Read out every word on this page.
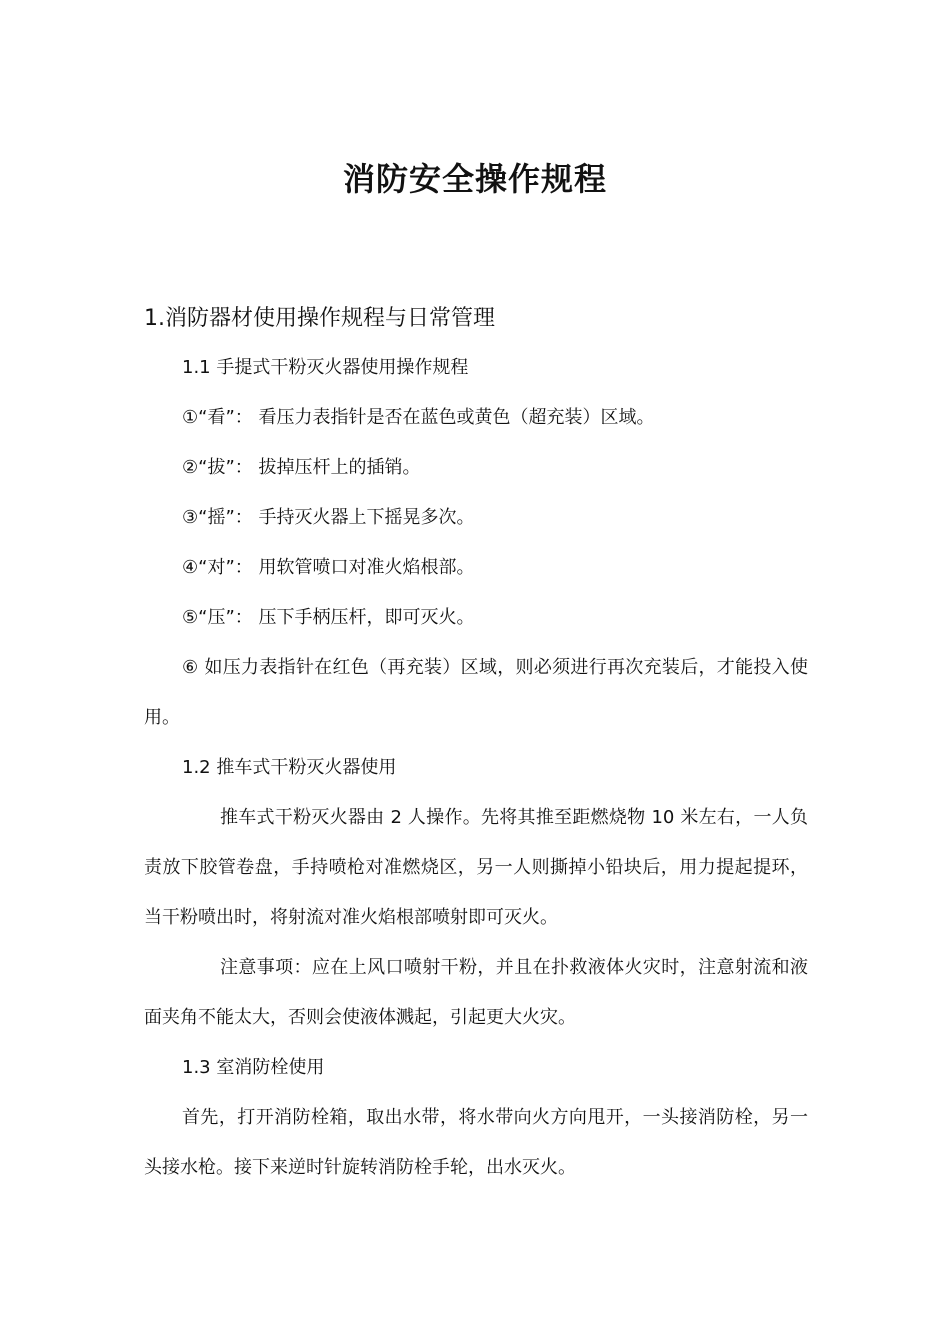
消防安全操作规程
1.消防器材使用操作规程与日常管理

1.1 手提式干粉灭火器使用操作规程

①“看”： 看压力表指针是否在蓝色或黄色（超充装）区域。

②“拔”： 拔掉压杆上的插销。

③“摇”： 手持灭火器上下摇晃多次。

④“对”： 用软管喷口对准火焰根部。

⑤“压”： 压下手柄压杆，即可灭火。

⑥ 如压力表指针在红色（再充装）区域，则必须进行再次充装后，才能投入使用。

1.2 推车式干粉灭火器使用

推车式干粉灭火器由 2 人操作。先将其推至距燃烧物 10 米左右，一人负责放下胶管卷盘，手持喷枪对准燃烧区，另一人则撕掉小铅块后，用力提起提环，当干粉喷出时，将射流对准火焰根部喷射即可灭火。

注意事项：应在上风口喷射干粉，并且在扑救液体火灾时，注意射流和液面夹角不能太大，否则会使液体溅起，引起更大火灾。

1.3 室消防栓使用

首先，打开消防栓箱，取出水带，将水带向火方向甩开，一头接消防栓，另一头接水枪。接下来逆时针旋转消防栓手轮，出水灭火。
